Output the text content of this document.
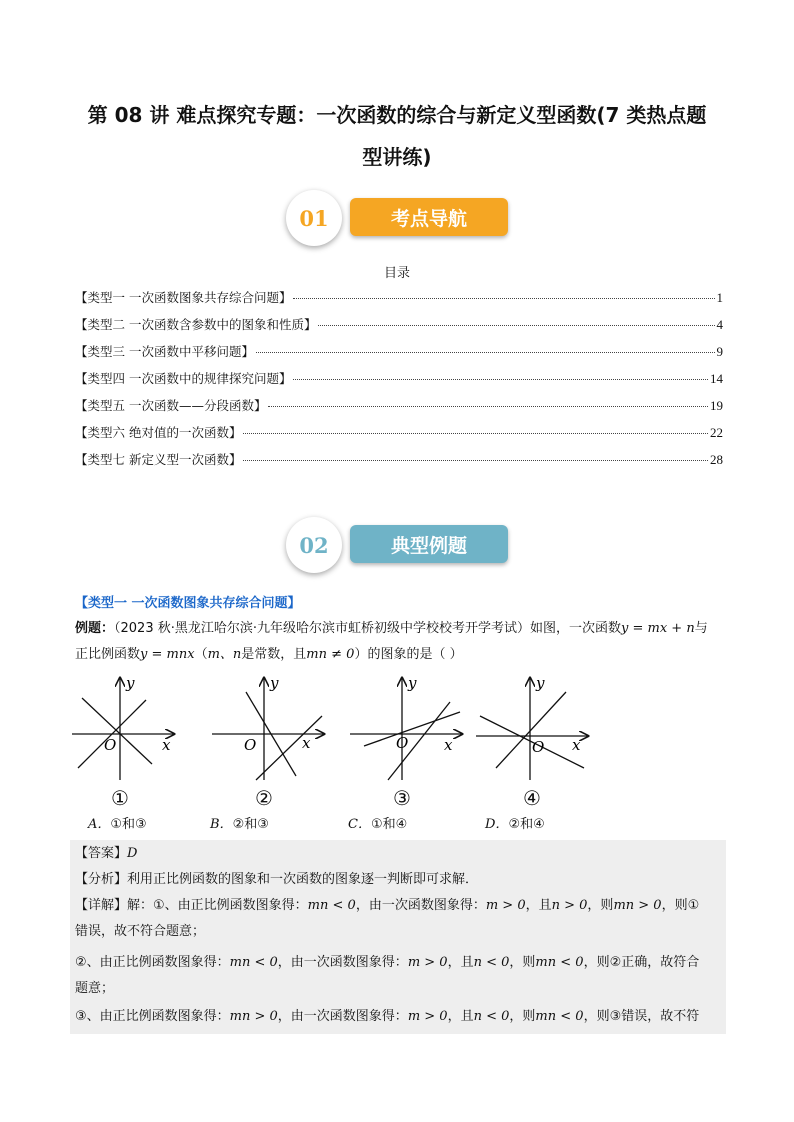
第 08 讲 难点探究专题：一次函数的综合与新定义型函数(7 类热点题
型讲练)
考点导航
01
目录
【类型一 一次函数图象共存综合问题】	1
【类型二 一次函数含参数中的图象和性质】	4
【类型三 一次函数中平移问题】	9
【类型四 一次函数中的规律探究问题】	14
【类型五 一次函数——分段函数】	19
【类型六 绝对值的一次函数】	22
【类型七 新定义型一次函数】	28
典型例题
02
【类型一 一次函数图象共存综合问题】
例题：（2023 秋·黑龙江哈尔滨·九年级哈尔滨市虹桥初级中学校校考开学考试）如图，一次函数y = mx + n与
正比例函数y = mnx（m、n是常数，且mn ≠ 0）的图象的是（ ）
y
x
O
y
x
O
y
x
O
y
x
O
①	②	③	④
A．①和③	B．②和③	C．①和④	D．②和④
【答案】D
【分析】利用正比例函数的图象和一次函数的图象逐一判断即可求解．
【详解】解：①、由正比例函数图象得：mn < 0，由一次函数图象得：m > 0，且n > 0，则mn > 0，则①
错误，故不符合题意；
②、由正比例函数图象得：mn < 0，由一次函数图象得：m > 0，且n < 0，则mn < 0，则②正确，故符合
题意；
③、由正比例函数图象得：mn > 0，由一次函数图象得：m > 0，且n < 0，则mn < 0，则③错误，故不符
